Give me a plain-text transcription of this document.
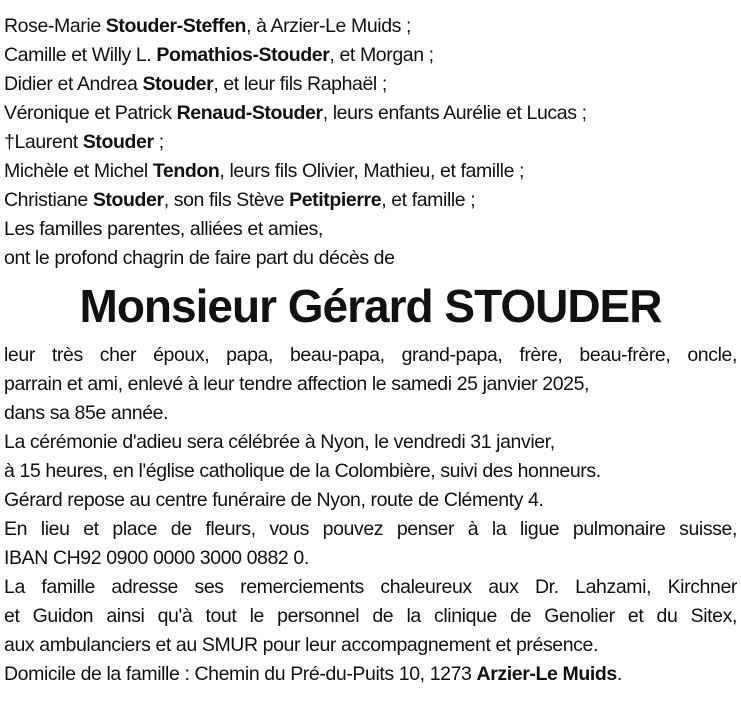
Rose-Marie Stouder-Steffen, à Arzier-Le Muids ;
Camille et Willy L. Pomathios-Stouder, et Morgan ;
Didier et Andrea Stouder, et leur fils Raphaël ;
Véronique et Patrick Renaud-Stouder, leurs enfants Aurélie et Lucas ;
†Laurent Stouder ;
Michèle et Michel Tendon, leurs fils Olivier, Mathieu, et famille ;
Christiane Stouder, son fils Stève Petitpierre, et famille ;
Les familles parentes, alliées et amies,
ont le profond chagrin de faire part du décès de
Monsieur Gérard STOUDER
leur très cher époux, papa, beau-papa, grand-papa, frère, beau-frère, oncle,
parrain et ami, enlevé à leur tendre affection le samedi 25 janvier 2025,
dans sa 85e année.
La cérémonie d'adieu sera célébrée à Nyon, le vendredi 31 janvier,
à 15 heures, en l'église catholique de la Colombière, suivi des honneurs.
Gérard repose au centre funéraire de Nyon, route de Clémenty 4.
En lieu et place de fleurs, vous pouvez penser à la ligue pulmonaire suisse,
IBAN CH92 0900 0000 3000 0882 0.
La famille adresse ses remerciements chaleureux aux Dr. Lahzami, Kirchner
et Guidon ainsi qu'à tout le personnel de la clinique de Genolier et du Sitex,
aux ambulanciers et au SMUR pour leur accompagnement et présence.
Domicile de la famille : Chemin du Pré-du-Puits 10, 1273 Arzier-Le Muids.
